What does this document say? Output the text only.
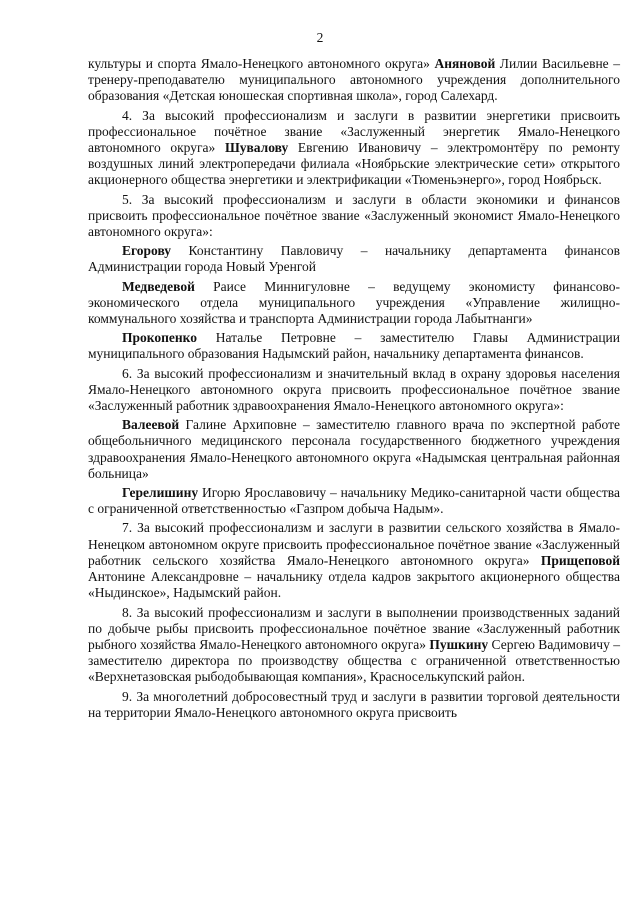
2

культуры и спорта Ямало-Ненецкого автономного округа» Аняновой Лилии Васильевне – тренеру-преподавателю муниципального автономного учреждения дополнительного образования «Детская юношеская спортивная школа», город Салехард.

4. За высокий профессионализм и заслуги в развитии энергетики присвоить профессиональное почётное звание «Заслуженный энергетик Ямало-Ненецкого автономного округа» Шувалову Евгению Ивановичу – электромонтёру по ремонту воздушных линий электропередачи филиала «Ноябрьские электрические сети» открытого акционерного общества энергетики и электрификации «Тюменьэнерго», город Ноябрьск.

5. За высокий профессионализм и заслуги в области экономики и финансов присвоить профессиональное почётное звание «Заслуженный экономист Ямало-Ненецкого автономного округа»:

Егорову Константину Павловичу – начальнику департамента финансов Администрации города Новый Уренгой

Медведевой Раисе Миннигуловне – ведущему экономисту финансово-экономического отдела муниципального учреждения «Управление жилищно-коммунального хозяйства и транспорта Администрации города Лабытнанги»

Прокопенко Наталье Петровне – заместителю Главы Администрации муниципального образования Надымский район, начальнику департамента финансов.

6. За высокий профессионализм и значительный вклад в охрану здоровья населения Ямало-Ненецкого автономного округа присвоить профессиональное почётное звание «Заслуженный работник здравоохранения Ямало-Ненецкого автономного округа»:

Валеевой Галине Архиповне – заместителю главного врача по экспертной работе общебольничного медицинского персонала государственного бюджетного учреждения здравоохранения Ямало-Ненецкого автономного округа «Надымская центральная районная больница»

Герелишину Игорю Ярославовичу – начальнику Медико-санитарной части общества с ограниченной ответственностью «Газпром добыча Надым».

7. За высокий профессионализм и заслуги в развитии сельского хозяйства в Ямало-Ненецком автономном округе присвоить профессиональное почётное звание «Заслуженный работник сельского хозяйства Ямало-Ненецкого автономного округа» Прищеповой Антонине Александровне – начальнику отдела кадров закрытого акционерного общества «Ныдинское», Надымский район.

8. За высокий профессионализм и заслуги в выполнении производственных заданий по добыче рыбы присвоить профессиональное почётное звание «Заслуженный работник рыбного хозяйства Ямало-Ненецкого автономного округа» Пушкину Сергею Вадимовичу – заместителю директора по производству общества с ограниченной ответственностью «Верхнетазовская рыбодобывающая компания», Красноселькупский район.

9. За многолетний добросовестный труд и заслуги в развитии торговой деятельности на территории Ямало-Ненецкого автономного округа присвоить
